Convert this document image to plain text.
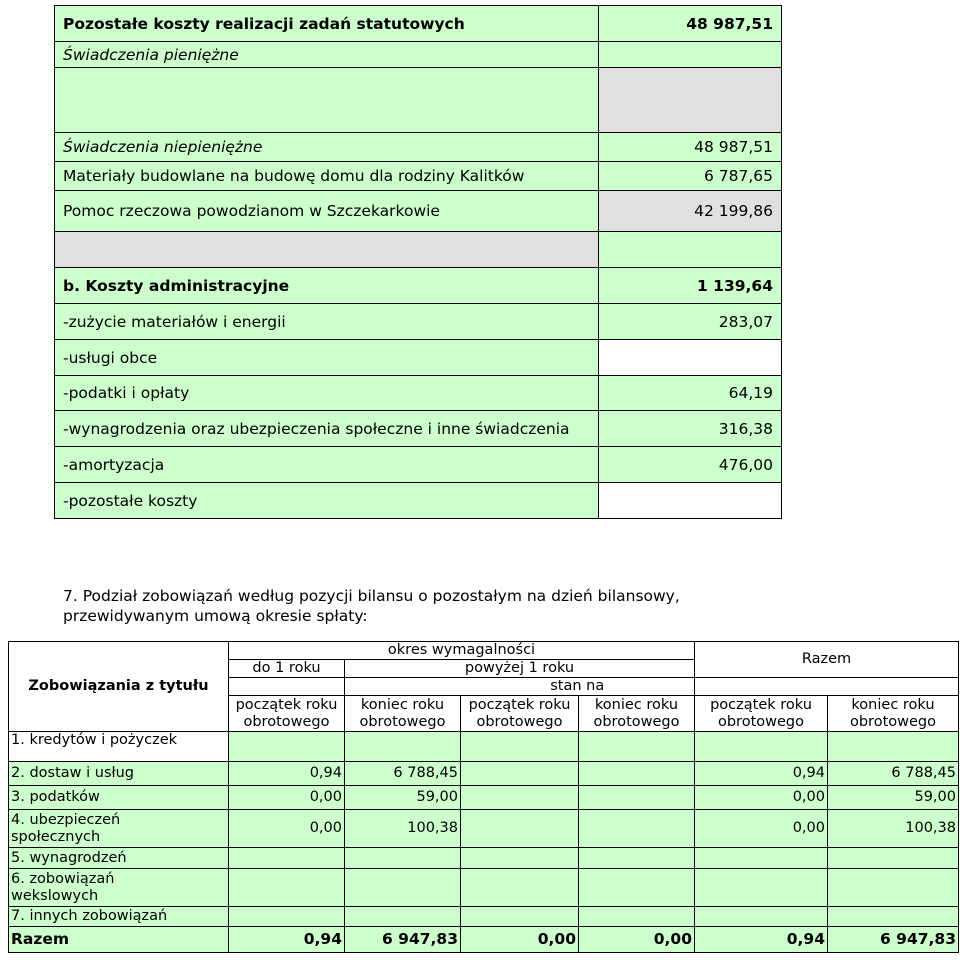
Pozostałe koszty realizacji zadań statutowych	48 987,51
Świadczenia pieniężne	

Świadczenia niepieniężne	48 987,51
Materiały budowlane na budowę domu dla rodziny Kalitków	6 787,65
Pomoc rzeczowa powodzianom w Szczekarkowie	42 199,86

b. Koszty administracyjne	1 139,64
-zużycie materiałów i energii	283,07
-usługi obce	
-podatki i opłaty	64,19
-wynagrodzenia oraz ubezpieczenia społeczne i inne świadczenia	316,38
-amortyzacja	476,00
-pozostałe koszty	
7. Podział zobowiązań według pozycji bilansu o pozostałym na dzień bilansowy, przewidywanym umową okresie spłaty:
Zobowiązania z tytułu	okres wymagalności				Razem	
	do 1 roku	powyżej 1 roku				
			stan na			
	początek roku obrotowego	koniec roku obrotowego	początek roku obrotowego	koniec roku obrotowego	początek roku obrotowego	koniec roku obrotowego
1. kredytów i pożyczek						
2. dostaw i usług	0,94	6 788,45			0,94	6 788,45
3. podatków	0,00	59,00			0,00	59,00
4. ubezpieczeń społecznych	0,00	100,38			0,00	100,38
5. wynagrodzeń						
6. zobowiązań wekslowych						
7. innych zobowiązań						
Razem	0,94	6 947,83	0,00	0,00	0,94	6 947,83
